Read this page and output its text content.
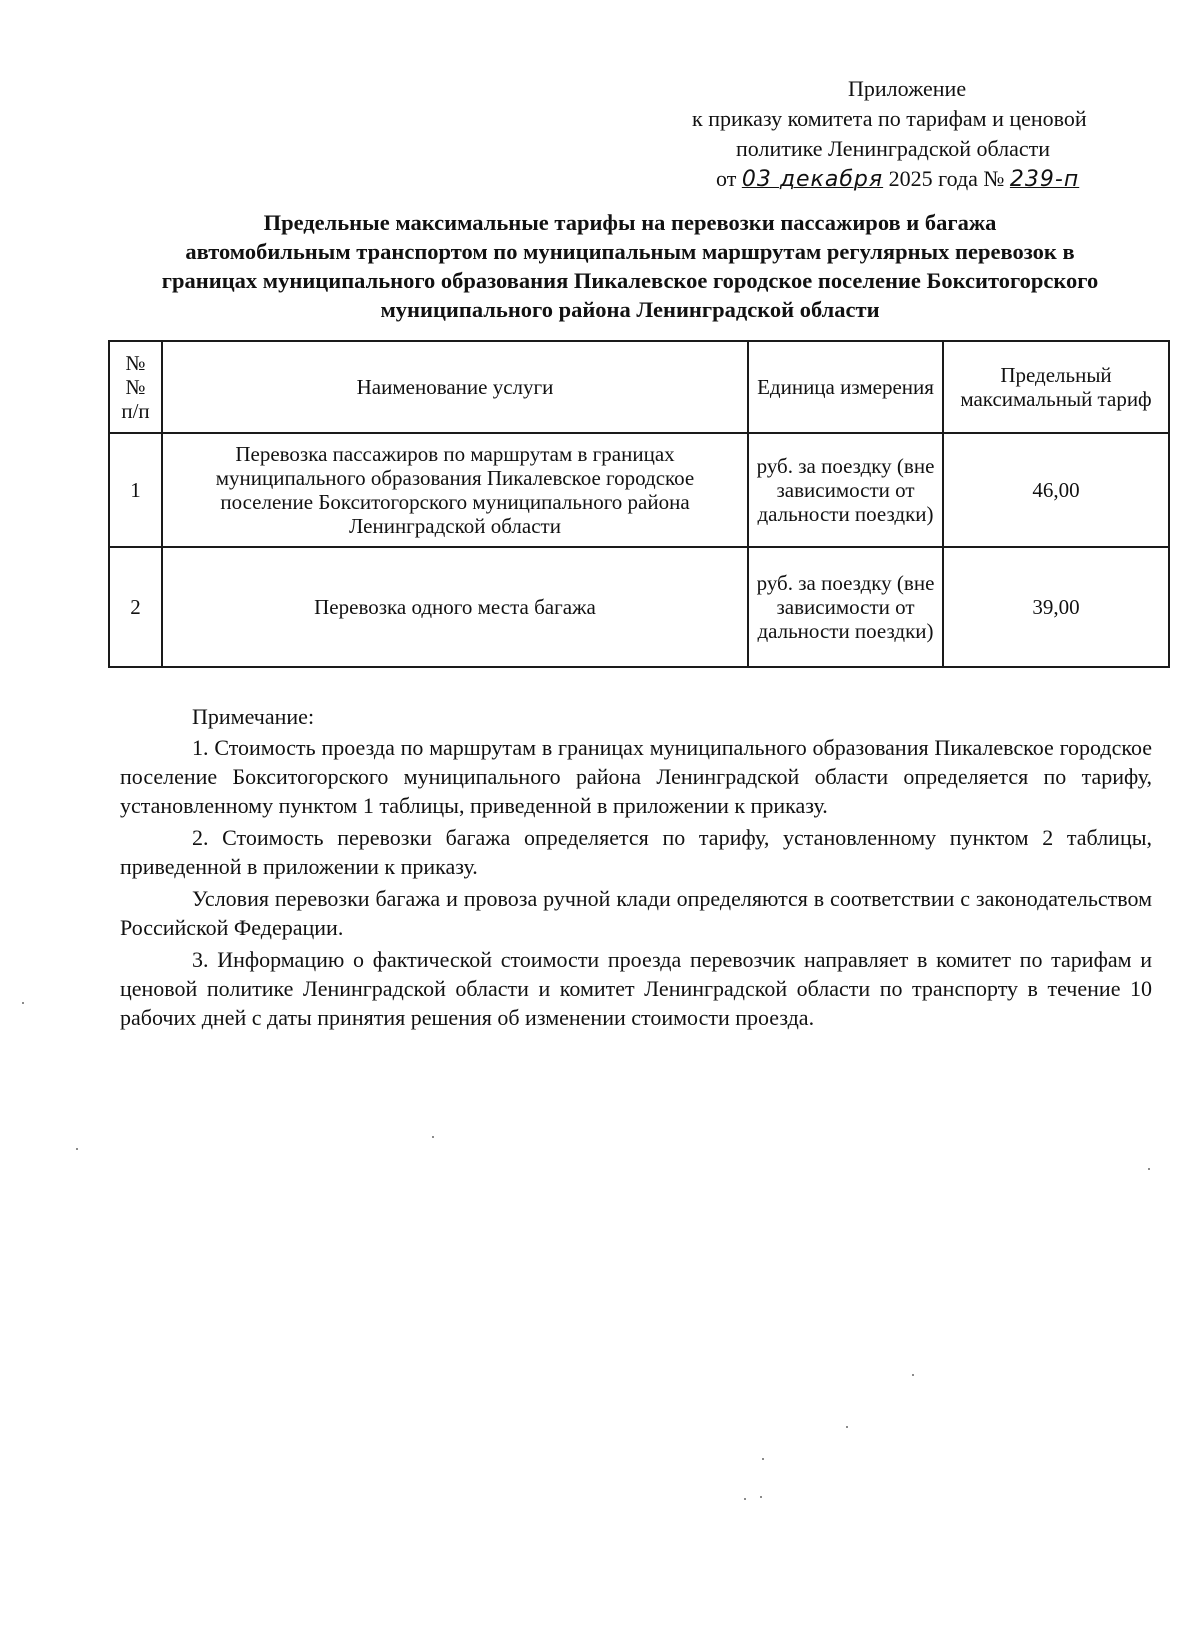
Приложение
к приказу комитета по тарифам и ценовой
политике Ленинградской области
от 03 декабря 2025 года № 239-п
Предельные максимальные тарифы на перевозки пассажиров и багажа
автомобильным транспортом по муниципальным маршрутам регулярных перевозок в
границах муниципального образования Пикалевское городское поселение Бокситогорского
муниципального района Ленинградской области
№ № п/п	Наименование услуги	Единица измерения	Предельный максимальный тариф
1	Перевозка пассажиров по маршрутам в границах муниципального образования Пикалевское городское поселение Бокситогорского муниципального района Ленинградской области	руб. за поездку (вне зависимости от дальности поездки)	46,00
2	Перевозка одного места багажа	руб. за поездку (вне зависимости от дальности поездки)	39,00

Примечание:

1. Стоимость проезда по маршрутам в границах муниципального образования Пикалевское городское поселение Бокситогорского муниципального района Ленинградской области определяется по тарифу, установленному пунктом 1 таблицы, приведенной в приложении к приказу.

2. Стоимость перевозки багажа определяется по тарифу, установленному пунктом 2 таблицы, приведенной в приложении к приказу.

Условия перевозки багажа и провоза ручной клади определяются в соответствии с законодательством Российской Федерации.

3. Информацию о фактической стоимости проезда перевозчик направляет в комитет по тарифам и ценовой политике Ленинградской области и комитет Ленинградской области по транспорту в течение 10 рабочих дней с даты принятия решения об изменении стоимости проезда.
